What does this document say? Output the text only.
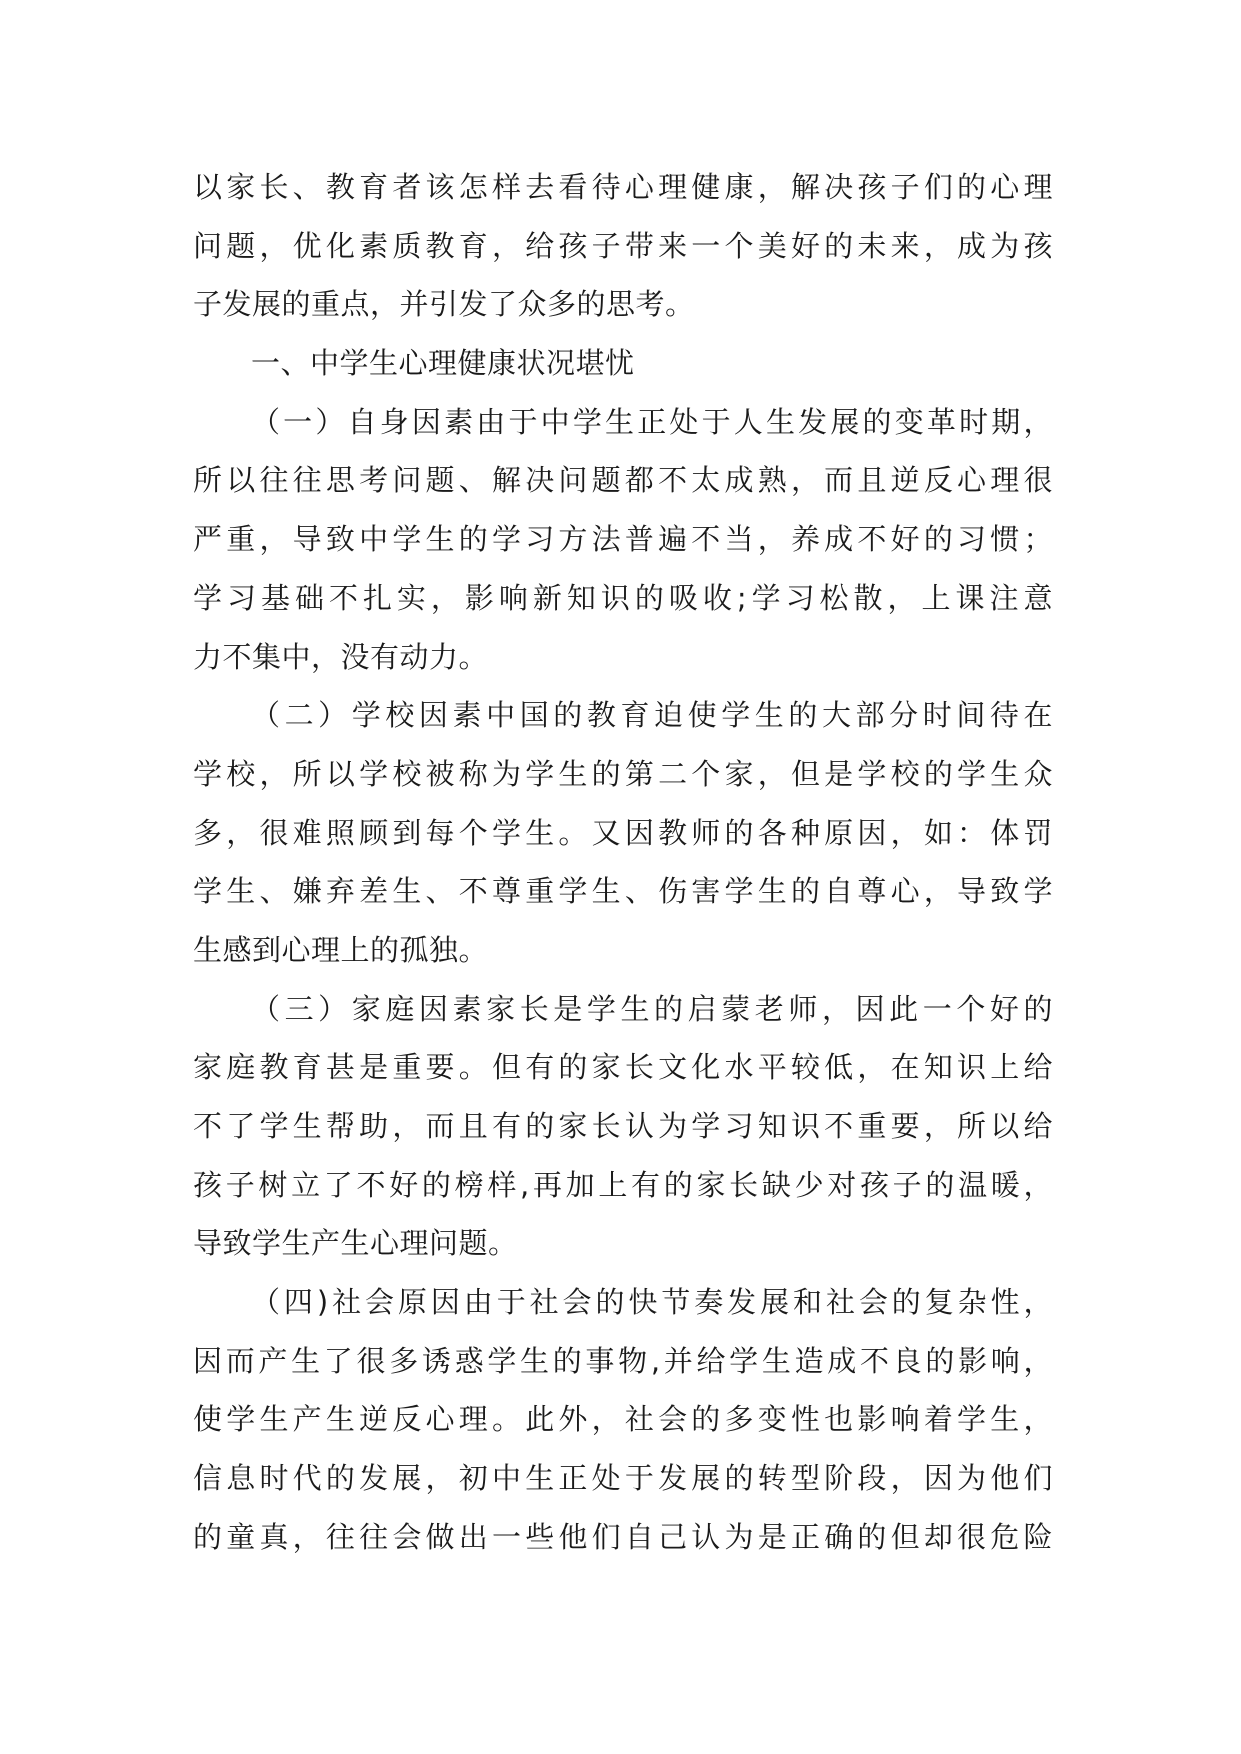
以家长、教育者该怎样去看待心理健康，解决孩子们的心理
问题，优化素质教育，给孩子带来一个美好的未来，成为孩
子发展的重点，并引发了众多的思考。
一、中学生心理健康状况堪忧
（一）自身因素由于中学生正处于人生发展的变革时期，
所以往往思考问题、解决问题都不太成熟，而且逆反心理很
严重，导致中学生的学习方法普遍不当，养成不好的习惯；
学习基础不扎实，影响新知识的吸收;学习松散，上课注意
力不集中，没有动力。
（二）学校因素中国的教育迫使学生的大部分时间待在
学校，所以学校被称为学生的第二个家，但是学校的学生众
多，很难照顾到每个学生。又因教师的各种原因，如：体罚
学生、嫌弃差生、不尊重学生、伤害学生的自尊心，导致学
生感到心理上的孤独。
（三）家庭因素家长是学生的启蒙老师，因此一个好的
家庭教育甚是重要。但有的家长文化水平较低，在知识上给
不了学生帮助，而且有的家长认为学习知识不重要，所以给
孩子树立了不好的榜样,再加上有的家长缺少对孩子的温暖，
导致学生产生心理问题。
（四)社会原因由于社会的快节奏发展和社会的复杂性，
因而产生了很多诱惑学生的事物,并给学生造成不良的影响，
使学生产生逆反心理。此外，社会的多变性也影响着学生，
信息时代的发展，初中生正处于发展的转型阶段，因为他们
的童真，往往会做出一些他们自己认为是正确的但却很危险
